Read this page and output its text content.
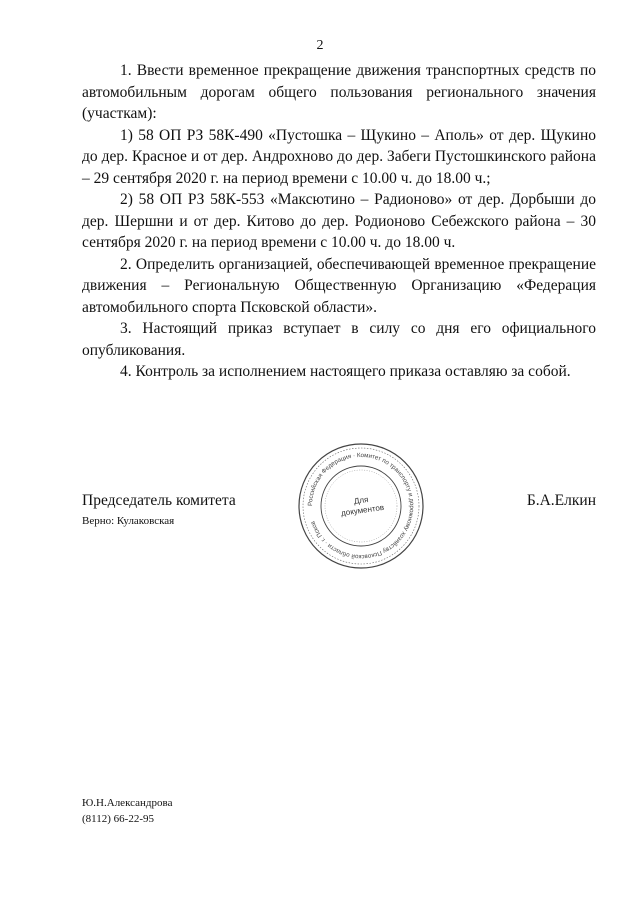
2

1. Ввести временное прекращение движения транспортных средств по автомобильным дорогам общего пользования регионального значения (участкам):

1) 58 ОП РЗ 58К-490 «Пустошка – Щукино – Аполь» от дер. Щукино до дер. Красное и от дер. Андрохново до дер. Забеги Пустошкинского района – 29 сентября 2020 г. на период времени с 10.00 ч. до 18.00 ч.;

2) 58 ОП РЗ 58К-553 «Максютино – Радионово» от дер. Дорбыши до дер. Шершни и от дер. Китово до дер. Родионово Себежского района – 30 сентября 2020 г. на период времени с 10.00 ч. до 18.00 ч.

2. Определить организацией, обеспечивающей временное прекращение движения – Региональную Общественную Организацию «Федерация автомобильного спорта Псковской области».

3. Настоящий приказ вступает в силу со дня его официального опубликования.

4. Контроль за исполнением настоящего приказа оставляю за собой.

Российская Федерация · Комитет по транспорту и дорожному хозяйству Псковской области · г. Псков
Для
документов
Председатель комитета	Б.А.Елкин
Верно: Кулаковская
Ю.Н.Александрова
(8112) 66-22-95
